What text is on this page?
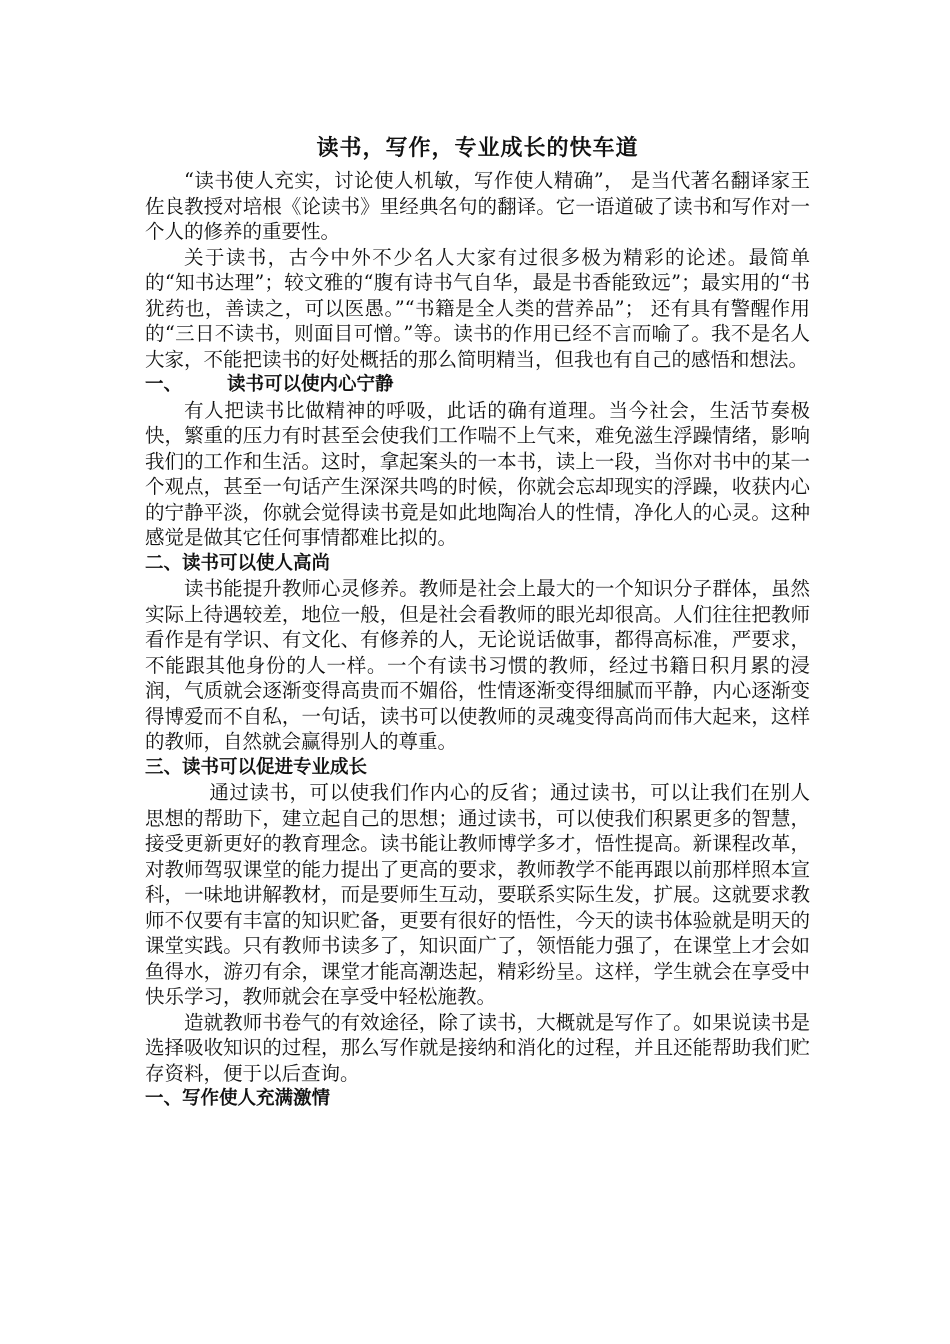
读书，写作，专业成长的快车道

“读书使人充实，讨论使人机敏，写作使人精确”， 是当代著名翻译家王佐良教授对培根《论读书》里经典名句的翻译。它一语道破了读书和写作对一个人的修养的重要性。

关于读书，古今中外不少名人大家有过很多极为精彩的论述。最简单的“知书达理”；较文雅的“腹有诗书气自华，最是书香能致远”；最实用的“书犹药也，善读之，可以医愚。”“书籍是全人类的营养品”； 还有具有警醒作用的“三日不读书，则面目可憎。”等。读书的作用已经不言而喻了。我不是名人大家，不能把读书的好处概括的那么简明精当，但我也有自己的感悟和想法。

一、 读书可以使内心宁静

有人把读书比做精神的呼吸，此话的确有道理。当今社会，生活节奏极快，繁重的压力有时甚至会使我们工作喘不上气来，难免滋生浮躁情绪，影响我们的工作和生活。这时，拿起案头的一本书，读上一段，当你对书中的某一个观点，甚至一句话产生深深共鸣的时候，你就会忘却现实的浮躁，收获内心的宁静平淡，你就会觉得读书竟是如此地陶冶人的性情，净化人的心灵。这种感觉是做其它任何事情都难比拟的。

二、读书可以使人高尚

读书能提升教师心灵修养。教师是社会上最大的一个知识分子群体，虽然实际上待遇较差，地位一般，但是社会看教师的眼光却很高。人们往往把教师看作是有学识、有文化、有修养的人，无论说话做事，都得高标准，严要求，不能跟其他身份的人一样。一个有读书习惯的教师，经过书籍日积月累的浸润，气质就会逐渐变得高贵而不媚俗，性情逐渐变得细腻而平静，内心逐渐变得博爱而不自私，一句话，读书可以使教师的灵魂变得高尚而伟大起来，这样的教师，自然就会赢得别人的尊重。

三、读书可以促进专业成长

通过读书，可以使我们作内心的反省；通过读书，可以让我们在别人思想的帮助下，建立起自己的思想；通过读书，可以使我们积累更多的智慧，接受更新更好的教育理念。读书能让教师博学多才，悟性提高。新课程改革，对教师驾驭课堂的能力提出了更高的要求，教师教学不能再跟以前那样照本宣科，一味地讲解教材，而是要师生互动，要联系实际生发，扩展。这就要求教师不仅要有丰富的知识贮备，更要有很好的悟性，今天的读书体验就是明天的课堂实践。只有教师书读多了，知识面广了，领悟能力强了，在课堂上才会如鱼得水，游刃有余，课堂才能高潮迭起，精彩纷呈。这样，学生就会在享受中快乐学习，教师就会在享受中轻松施教。

造就教师书卷气的有效途径，除了读书，大概就是写作了。如果说读书是选择吸收知识的过程，那么写作就是接纳和消化的过程，并且还能帮助我们贮存资料，便于以后查询。

一、写作使人充满激情
